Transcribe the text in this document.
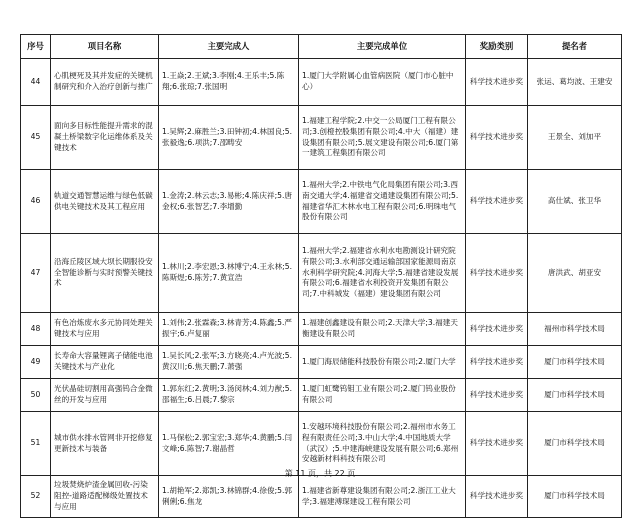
序号	项目名称	主要完成人	主要完成单位	奖励类别	提名者
44	心肌梗死及其并发症的关键机制研究和介入治疗创新与推广	1.王焱;2.王斌;3.李刚;4.王乐丰;5.陈翔;6.张琼;7.张国明	1.厦门大学附属心血管病医院（厦门市心脏中心）	科学技术进步奖	张运、葛均波、王建安
45	面向多目标性能提升需求的混凝土桥梁数字化运维体系及关键技术	1.吴辉;2.麻胜兰;3.田钟初;4.林国良;5.张毅逸;6.项洪;7.邵畴安	1.福建工程学院;2.中交一公局厦门工程有限公司;3.创橙控股集团有限公司;4.中大（福建）建设集团有限公司;5.展文建设有限公司;6.厦门第一建筑工程集团有限公司	科学技术进步奖	王景全、刘加平
46	轨道交通智慧运维与绿色低碳供电关键技术及其工程应用	1.金涛;2.林云志;3.易彬;4.陈庆祥;5.唐金权;6.张智艺;7.李增勤	1.福州大学;2.中铁电气化局集团有限公司;3.西南交通大学;4.福建省交通建设集团有限公司;5.福建省华汇木林水电工程有限公司;6.明珠电气股份有限公司	科学技术进步奖	高仕斌、张卫华
47	沿海丘陵区域大坝长期服役安全智能诊断与实时预警关键技术	1.林川;2.李宏恩;3.林博宁;4.王永林;5.陈斯煜;6.陈芳;7.黄宣浩	1.福州大学;2.福建省水利水电勘测设计研究院有限公司;3.水利部交通运输部国家能源局南京水利科学研究院;4.河海大学;5.福建省建设发展有限公司;6.福建省水利投资开发集团有限公司;7.中科城发（福建）建设集团有限公司	科学技术进步奖	唐洪武、胡亚安
48	有色冶炼废水多元协同处理关键技术与应用	1.刘伟;2.张霖森;3.林青芳;4.陈鑫;5.严振宇;6.卢复丽	1.福建创鑫建设有限公司;2.天津大学;3.福建天衡建设有限公司	科学技术进步奖	福州市科学技术局
49	长寿命大容量锂离子储能电池关键技术与产业化	1.吴长风;2.张军;3.方晓亮;4.卢光波;5.黄汉川;6.焦天鹏;7.萧强	1.厦门海辰储能科技股份有限公司;2.厦门大学	科学技术进步奖	厦门市科学技术局
50	光伏晶硅切割用高强钨合金微丝的开发与应用	1.郭东红;2.黄明;3.汤闵林;4.刘力猷;5.邵福生;6.吕晨;7.黎宗	1.厦门虹鹭钨钼工业有限公司;2.厦门钨业股份有限公司	科学技术进步奖	厦门市科学技术局
51	城市供水排水管网非开挖修复更新技术与装备	1.马保松;2.郭宝宏;3.郑华;4.黄鹏;5.闫文峰;6.陈智;7.谢晶哲	1.安越环境科技股份有限公司;2.福州市水务工程有限责任公司;3.中山大学;4.中国地质大学（武汉）;5.中建海峡建设发展有限公司;6.郑州安越新材料科技有限公司	科学技术进步奖	厦门市科学技术局
52	垃圾焚烧炉渣金属回收-污染阻控-道路适配梯级处置技术与应用	1.胡艳军;2.郑凯;3.林锦群;4.徐俊;5.郭俐俐;6.焦龙	1.福建省新尊建设集团有限公司;2.浙江工业大学;3.福建溥琛建设工程有限公司	科学技术进步奖	厦门市科学技术局
第 11 页，共 22 页
